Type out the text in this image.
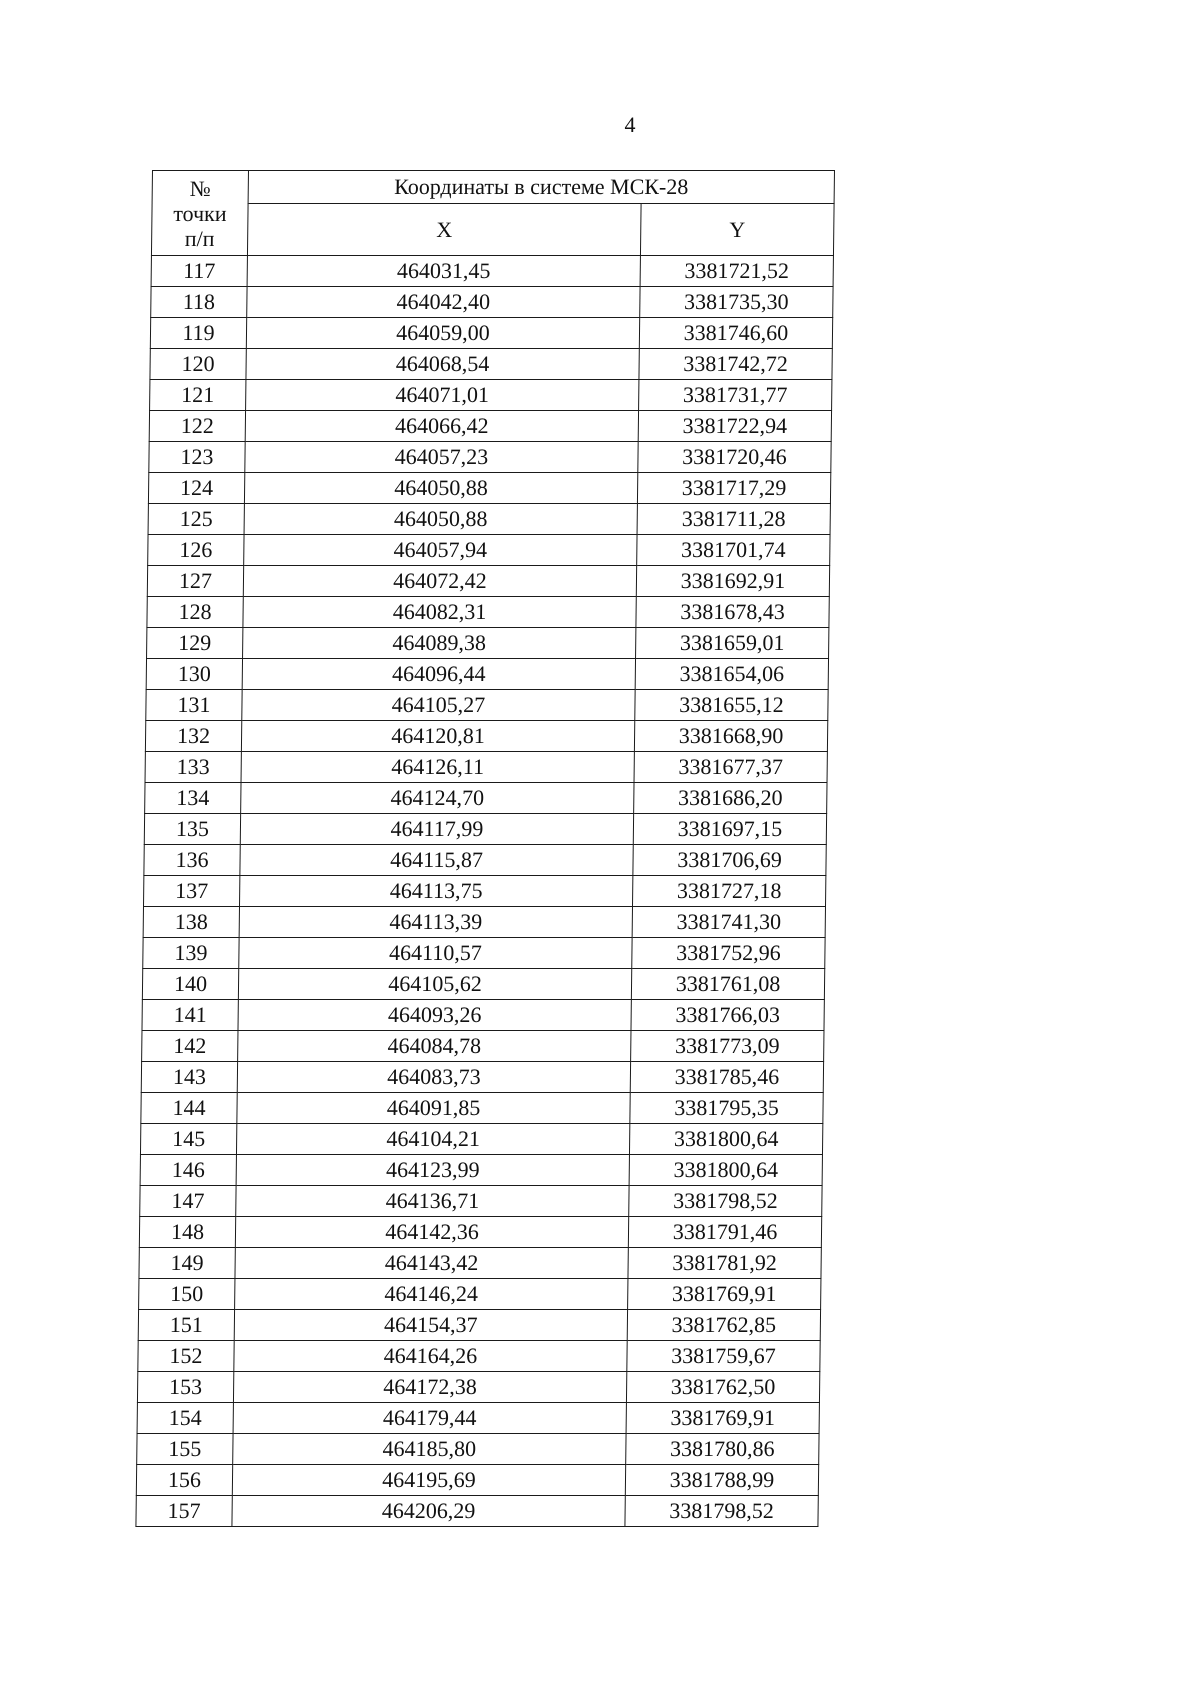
4
№
точки
п/п	Координаты в системе МСК-28	
	X	Y
117	464031,45	3381721,52
118	464042,40	3381735,30
119	464059,00	3381746,60
120	464068,54	3381742,72
121	464071,01	3381731,77
122	464066,42	3381722,94
123	464057,23	3381720,46
124	464050,88	3381717,29
125	464050,88	3381711,28
126	464057,94	3381701,74
127	464072,42	3381692,91
128	464082,31	3381678,43
129	464089,38	3381659,01
130	464096,44	3381654,06
131	464105,27	3381655,12
132	464120,81	3381668,90
133	464126,11	3381677,37
134	464124,70	3381686,20
135	464117,99	3381697,15
136	464115,87	3381706,69
137	464113,75	3381727,18
138	464113,39	3381741,30
139	464110,57	3381752,96
140	464105,62	3381761,08
141	464093,26	3381766,03
142	464084,78	3381773,09
143	464083,73	3381785,46
144	464091,85	3381795,35
145	464104,21	3381800,64
146	464123,99	3381800,64
147	464136,71	3381798,52
148	464142,36	3381791,46
149	464143,42	3381781,92
150	464146,24	3381769,91
151	464154,37	3381762,85
152	464164,26	3381759,67
153	464172,38	3381762,50
154	464179,44	3381769,91
155	464185,80	3381780,86
156	464195,69	3381788,99
157	464206,29	3381798,52
